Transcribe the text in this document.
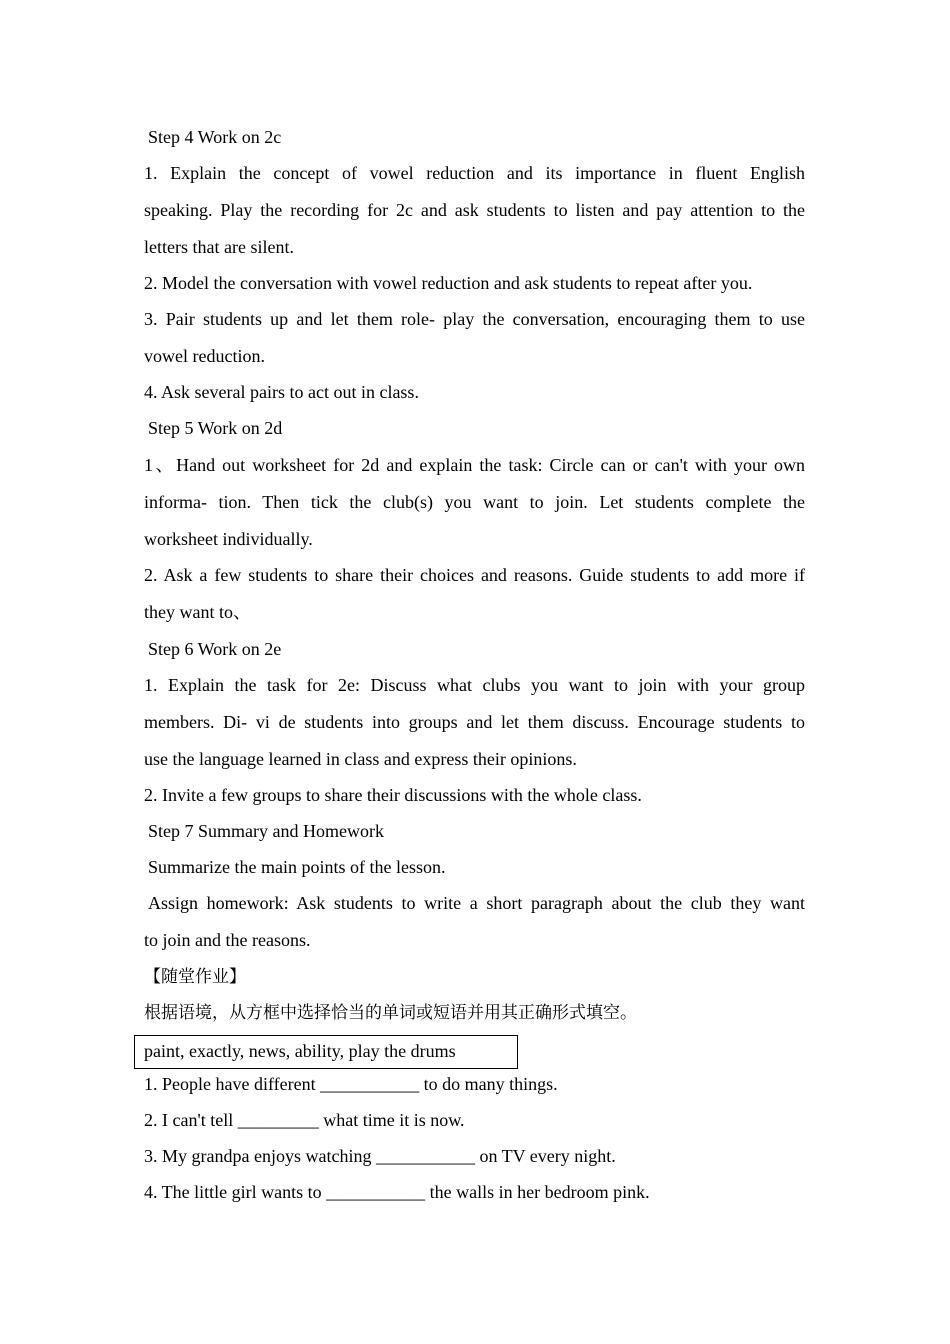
Step 4 Work on 2c
1. Explain the concept of vowel reduction and its importance in fluent English
speaking. Play the recording for 2c and ask students to listen and pay attention to the
letters that are silent.
2. Model the conversation with vowel reduction and ask students to repeat after you.
3. Pair students up and let them role- play the conversation, encouraging them to use
vowel reduction.
4. Ask several pairs to act out in class.
Step 5 Work on 2d
1、Hand out worksheet for 2d and explain the task: Circle can or can't with your own
informa- tion. Then tick the club(s) you want to join. Let students complete the
worksheet individually.
2. Ask a few students to share their choices and reasons. Guide students to add more if
they want to、
Step 6 Work on 2e
1. Explain the task for 2e: Discuss what clubs you want to join with your group
members. Di- vi de students into groups and let them discuss. Encourage students to
use the language learned in class and express their opinions.
2. Invite a few groups to share their discussions with the whole class.
Step 7 Summary and Homework
Summarize the main points of the lesson.
Assign homework: Ask students to write a short paragraph about the club they want
to join and the reasons.
【随堂作业】
根据语境，从方框中选择恰当的单词或短语并用其正确形式填空。
paint, exactly, news, ability, play the drums
1. People have different ___________ to do many things.
2. I can't tell _________ what time it is now.
3. My grandpa enjoys watching ___________ on TV every night.
4. The little girl wants to ___________ the walls in her bedroom pink.
